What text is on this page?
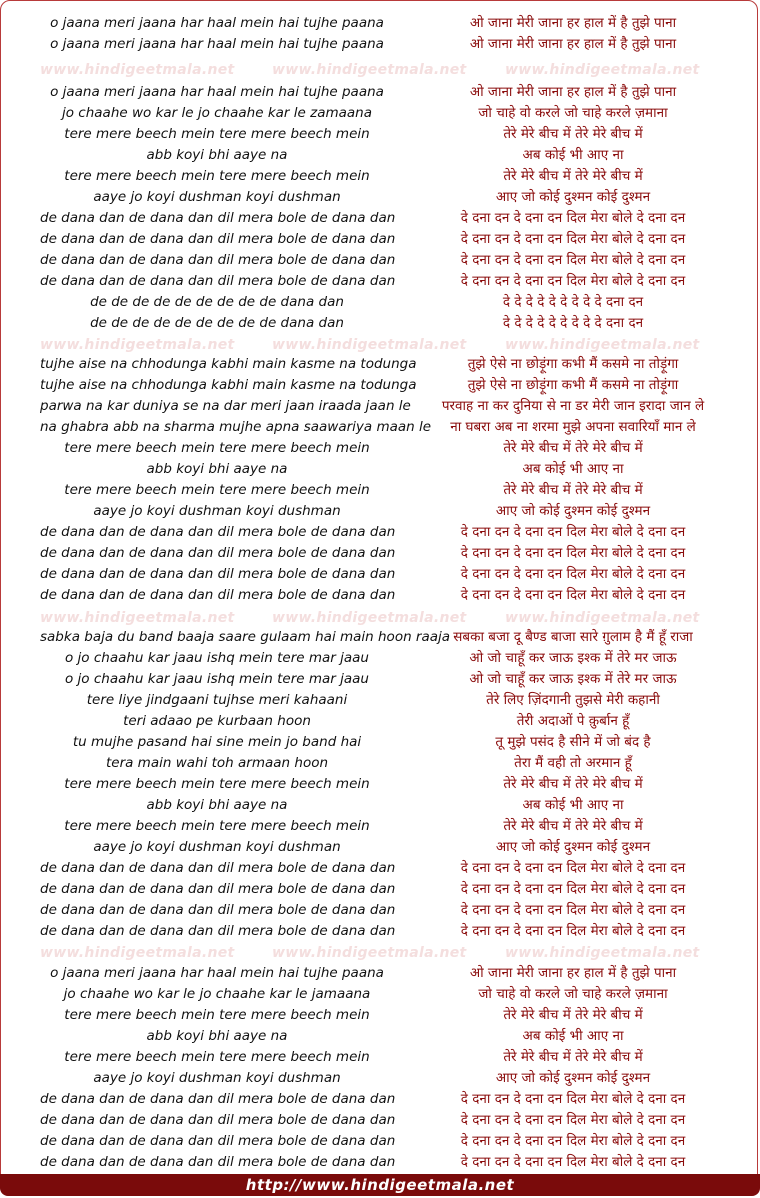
o jaana meri jaana har haal mein hai tujhe paana	ओ जाना मेरी जाना हर हाल में है तुझे पाना
o jaana meri jaana har haal mein hai tujhe paana	ओ जाना मेरी जाना हर हाल में है तुझे पाना
o jaana meri jaana har haal mein hai tujhe paana	ओ जाना मेरी जाना हर हाल में है तुझे पाना
jo chaahe wo kar le jo chaahe kar le zamaana	जो चाहे वो करले जो चाहे करले ज़माना
tere mere beech mein tere mere beech mein	तेरे मेरे बीच में तेरे मेरे बीच में
abb koyi bhi aaye na	अब कोई भी आए ना
tere mere beech mein tere mere beech mein	तेरे मेरे बीच में तेरे मेरे बीच में
aaye jo koyi dushman koyi dushman	आए जो कोई दुश्मन कोई दुश्मन
de dana dan de dana dan dil mera bole de dana dan	दे दना दन दे दना दन दिल मेरा बोले दे दना दन
de dana dan de dana dan dil mera bole de dana dan	दे दना दन दे दना दन दिल मेरा बोले दे दना दन
de dana dan de dana dan dil mera bole de dana dan	दे दना दन दे दना दन दिल मेरा बोले दे दना दन
de dana dan de dana dan dil mera bole de dana dan	दे दना दन दे दना दन दिल मेरा बोले दे दना दन
de de de de de de de de de dana dan	दे दे दे दे दे दे दे दे दे दना दन
de de de de de de de de de dana dan	दे दे दे दे दे दे दे दे दे दना दन
tujhe aise na chhodunga kabhi main kasme na todunga	तुझे ऐसे ना छोड़ूंगा कभी मैं कसमे ना तोड़ूंगा
tujhe aise na chhodunga kabhi main kasme na todunga	तुझे ऐसे ना छोड़ूंगा कभी मैं कसमे ना तोड़ूंगा
parwa na kar duniya se na dar meri jaan iraada jaan le	परवाह ना कर दुनिया से ना डर मेरी जान इरादा जान ले
na ghabra abb na sharma mujhe apna saawariya maan le	ना घबरा अब ना शरमा मुझे अपना सवारियाँ मान ले
tere mere beech mein tere mere beech mein	तेरे मेरे बीच में तेरे मेरे बीच में
abb koyi bhi aaye na	अब कोई भी आए ना
tere mere beech mein tere mere beech mein	तेरे मेरे बीच में तेरे मेरे बीच में
aaye jo koyi dushman koyi dushman	आए जो कोई दुश्मन कोई दुश्मन
de dana dan de dana dan dil mera bole de dana dan	दे दना दन दे दना दन दिल मेरा बोले दे दना दन
de dana dan de dana dan dil mera bole de dana dan	दे दना दन दे दना दन दिल मेरा बोले दे दना दन
de dana dan de dana dan dil mera bole de dana dan	दे दना दन दे दना दन दिल मेरा बोले दे दना दन
de dana dan de dana dan dil mera bole de dana dan	दे दना दन दे दना दन दिल मेरा बोले दे दना दन
sabka baja du band baaja saare gulaam hai main hoon raaja सबका बजा दू बैण्ड बाजा सारे ग़ुलाम है मैं हूँ राजा
o jo chaahu kar jaau ishq mein tere mar jaau	ओ जो चाहूँ कर जाऊ इश्क में तेरे मर जाऊ
o jo chaahu kar jaau ishq mein tere mar jaau	ओ जो चाहूँ कर जाऊ इश्क में तेरे मर जाऊ
tere liye jindgaani tujhse meri kahaani	तेरे लिए ज़िंदगानी तुझसे मेरी कहानी
teri adaao pe kurbaan hoon	तेरी अदाओं पे क़ुर्बान हूँ
tu mujhe pasand hai sine mein jo band hai	तू मुझे पसंद है सीने में जो बंद है
tera main wahi toh armaan hoon	तेरा मैं वही तो अरमान हूँ
tere mere beech mein tere mere beech mein	तेरे मेरे बीच में तेरे मेरे बीच में
abb koyi bhi aaye na	अब कोई भी आए ना
tere mere beech mein tere mere beech mein	तेरे मेरे बीच में तेरे मेरे बीच में
aaye jo koyi dushman koyi dushman	आए जो कोई दुश्मन कोई दुश्मन
de dana dan de dana dan dil mera bole de dana dan	दे दना दन दे दना दन दिल मेरा बोले दे दना दन
de dana dan de dana dan dil mera bole de dana dan	दे दना दन दे दना दन दिल मेरा बोले दे दना दन
de dana dan de dana dan dil mera bole de dana dan	दे दना दन दे दना दन दिल मेरा बोले दे दना दन
de dana dan de dana dan dil mera bole de dana dan	दे दना दन दे दना दन दिल मेरा बोले दे दना दन
o jaana meri jaana har haal mein hai tujhe paana	ओ जाना मेरी जाना हर हाल में है तुझे पाना
jo chaahe wo kar le jo chaahe kar le jamaana	जो चाहे वो करले जो चाहे करले ज़माना
tere mere beech mein tere mere beech mein	तेरे मेरे बीच में तेरे मेरे बीच में
abb koyi bhi aaye na	अब कोई भी आए ना
tere mere beech mein tere mere beech mein	तेरे मेरे बीच में तेरे मेरे बीच में
aaye jo koyi dushman koyi dushman	आए जो कोई दुश्मन कोई दुश्मन
de dana dan de dana dan dil mera bole de dana dan	दे दना दन दे दना दन दिल मेरा बोले दे दना दन
de dana dan de dana dan dil mera bole de dana dan	दे दना दन दे दना दन दिल मेरा बोले दे दना दन
de dana dan de dana dan dil mera bole de dana dan	दे दना दन दे दना दन दिल मेरा बोले दे दना दन
de dana dan de dana dan dil mera bole de dana dan	दे दना दन दे दना दन दिल मेरा बोले दे दना दन
www.hindigeetmala.net	www.hindigeetmala.net	www.hindigeetmala.net
www.hindigeetmala.net	www.hindigeetmala.net	www.hindigeetmala.net
www.hindigeetmala.net	www.hindigeetmala.net	www.hindigeetmala.net
www.hindigeetmala.net	www.hindigeetmala.net	www.hindigeetmala.net
http://www.hindigeetmala.net
